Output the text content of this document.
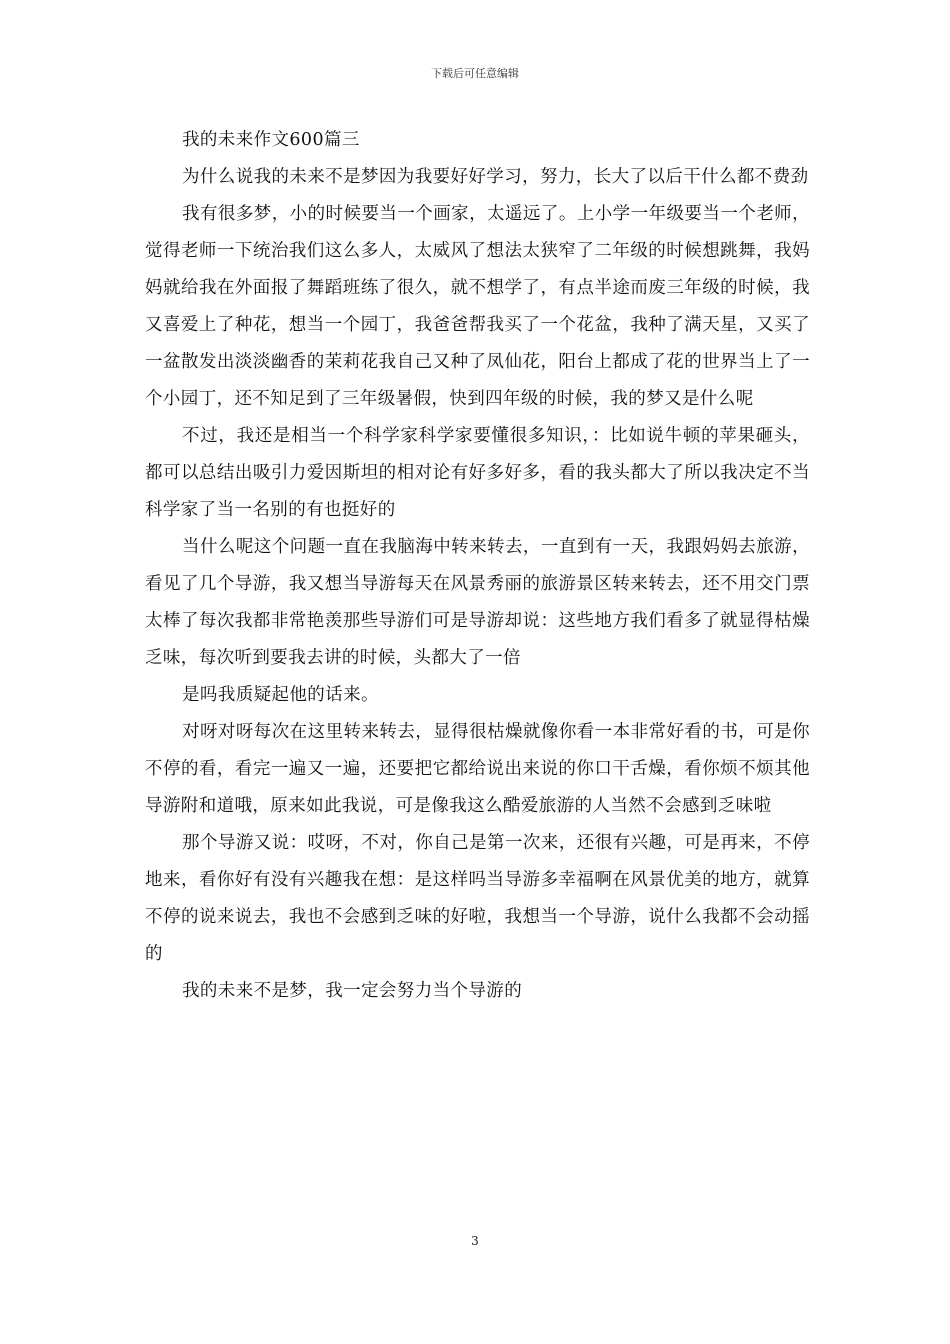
下载后可任意编辑

我的未来作文600篇三

为什么说我的未来不是梦因为我要好好学习，努力，长大了以后干什么都不费劲

我有很多梦，小的时候要当一个画家，太遥远了。上小学一年级要当一个老师，觉得老师一下统治我们这么多人，太威风了想法太狭窄了二年级的时候想跳舞，我妈妈就给我在外面报了舞蹈班练了很久，就不想学了，有点半途而废三年级的时候，我又喜爱上了种花，想当一个园丁，我爸爸帮我买了一个花盆，我种了满天星，又买了一盆散发出淡淡幽香的茉莉花我自己又种了凤仙花，阳台上都成了花的世界当上了一个小园丁，还不知足到了三年级暑假，快到四年级的时候，我的梦又是什么呢

不过，我还是相当一个科学家科学家要懂很多知识，：比如说牛顿的苹果砸头，都可以总结出吸引力爱因斯坦的相对论有好多好多，看的我头都大了所以我决定不当科学家了当一名别的有也挺好的

当什么呢这个问题一直在我脑海中转来转去，一直到有一天，我跟妈妈去旅游，看见了几个导游，我又想当导游每天在风景秀丽的旅游景区转来转去，还不用交门票太棒了每次我都非常艳羡那些导游们可是导游却说：这些地方我们看多了就显得枯燥乏味，每次听到要我去讲的时候，头都大了一倍

是吗我质疑起他的话来。

对呀对呀每次在这里转来转去，显得很枯燥就像你看一本非常好看的书，可是你不停的看，看完一遍又一遍，还要把它都给说出来说的你口干舌燥，看你烦不烦其他导游附和道哦，原来如此我说，可是像我这么酷爱旅游的人当然不会感到乏味啦

那个导游又说：哎呀，不对，你自己是第一次来，还很有兴趣，可是再来，不停地来，看你好有没有兴趣我在想：是这样吗当导游多幸福啊在风景优美的地方，就算不停的说来说去，我也不会感到乏味的好啦，我想当一个导游，说什么我都不会动摇的

我的未来不是梦，我一定会努力当个导游的

3
